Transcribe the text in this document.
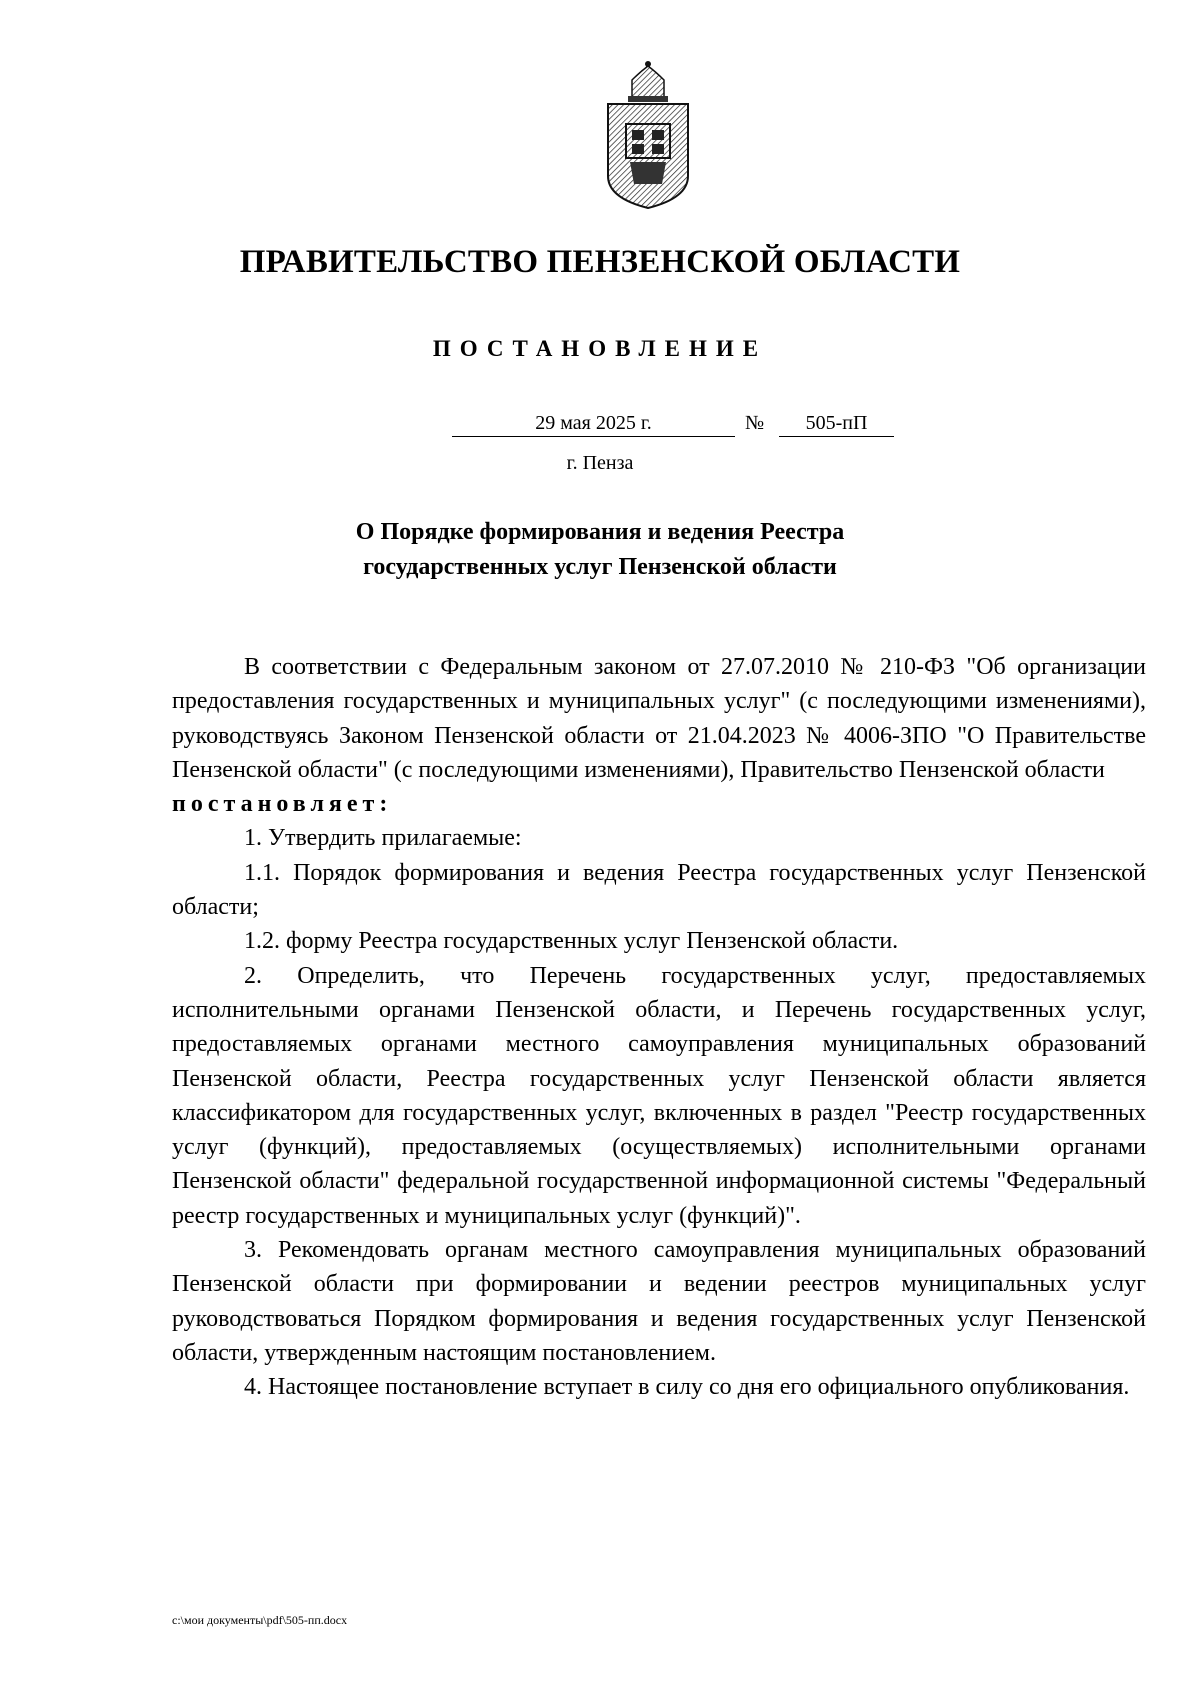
ПРАВИТЕЛЬСТВО ПЕНЗЕНСКОЙ ОБЛАСТИ
ПОСТАНОВЛЕНИЕ
29 мая 2025 г.	№	505-пП
г. Пенза
О Порядке формирования и ведения Реестра
государственных услуг Пензенской области

В соответствии с Федеральным законом от 27.07.2010 № 210-ФЗ "Об организации предоставления государственных и муниципальных услуг" (с последующими изменениями), руководствуясь Законом Пензенской области от 21.04.2023 № 4006-ЗПО "О Правительстве Пензенской области" (с последующими изменениями), Правительство Пензенской области

постановляет:

1. Утвердить прилагаемые:

1.1. Порядок формирования и ведения Реестра государственных услуг Пензенской области;

1.2. форму Реестра государственных услуг Пензенской области.

2. Определить, что Перечень государственных услуг, предоставляемых исполнительными органами Пензенской области, и Перечень государственных услуг, предоставляемых органами местного самоуправления муниципальных образований Пензенской области, Реестра государственных услуг Пензенской области является классификатором для государственных услуг, включенных в раздел "Реестр государственных услуг (функций), предоставляемых (осуществляемых) исполнительными органами Пензенской области" федеральной государственной информационной системы "Федеральный реестр государственных и муниципальных услуг (функций)".

3. Рекомендовать органам местного самоуправления муниципальных образований Пензенской области при формировании и ведении реестров муниципальных услуг руководствоваться Порядком формирования и ведения государственных услуг Пензенской области, утвержденным настоящим постановлением.

4. Настоящее постановление вступает в силу со дня его официального опубликования.

c:\мои документы\pdf\505-пп.docx
